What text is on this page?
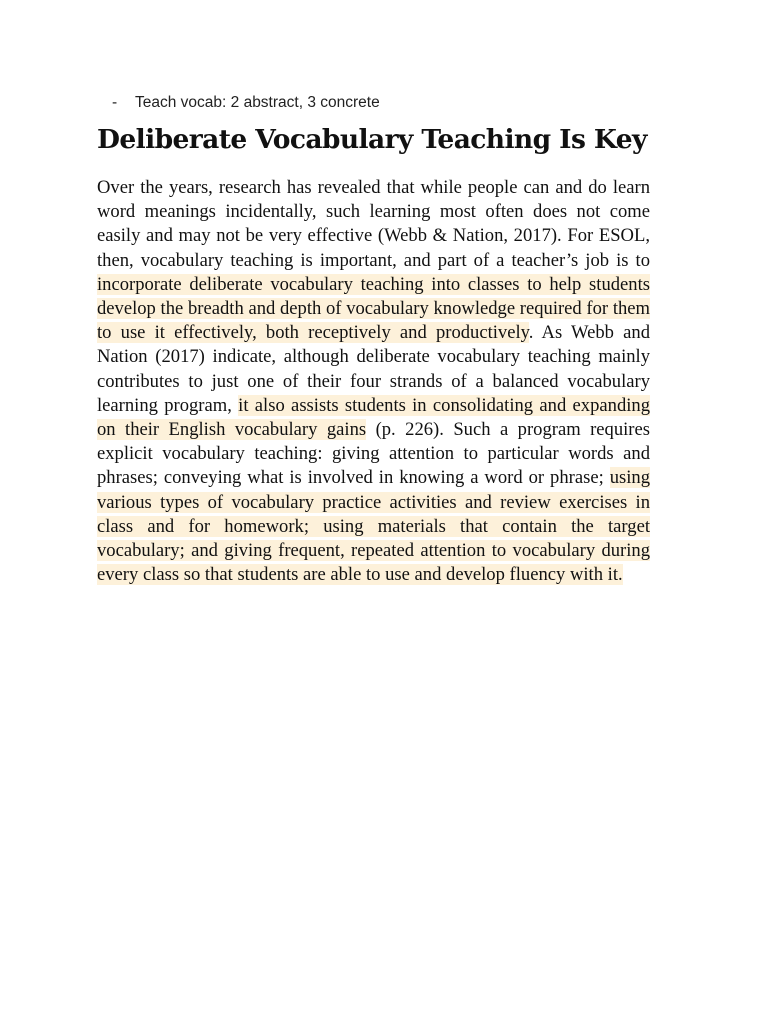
- Teach vocab: 2 abstract, 3 concrete
Deliberate Vocabulary Teaching Is Key

Over the years, research has revealed that while people can and do learn word meanings incidentally, such learning most often does not come easily and may not be very effective (Webb & Nation, 2017). For ESOL, then, vocabulary teaching is important, and part of a teacher’s job is to incorporate deliberate vocabulary teaching into classes to help students develop the breadth and depth of vocabulary knowledge required for them to use it effectively, both receptively and productively. As Webb and Nation (2017) indicate, although deliberate vocabulary teaching mainly contributes to just one of their four strands of a balanced vocabulary learning program, it also assists students in consolidating and expanding on their English vocabulary gains (p. 226). Such a program requires explicit vocabulary teaching: giving attention to particular words and phrases; conveying what is involved in knowing a word or phrase; using various types of vocabulary practice activities and review exercises in class and for homework; using materials that contain the target vocabulary; and giving frequent, repeated attention to vocabulary during every class so that students are able to use and develop fluency with it.
